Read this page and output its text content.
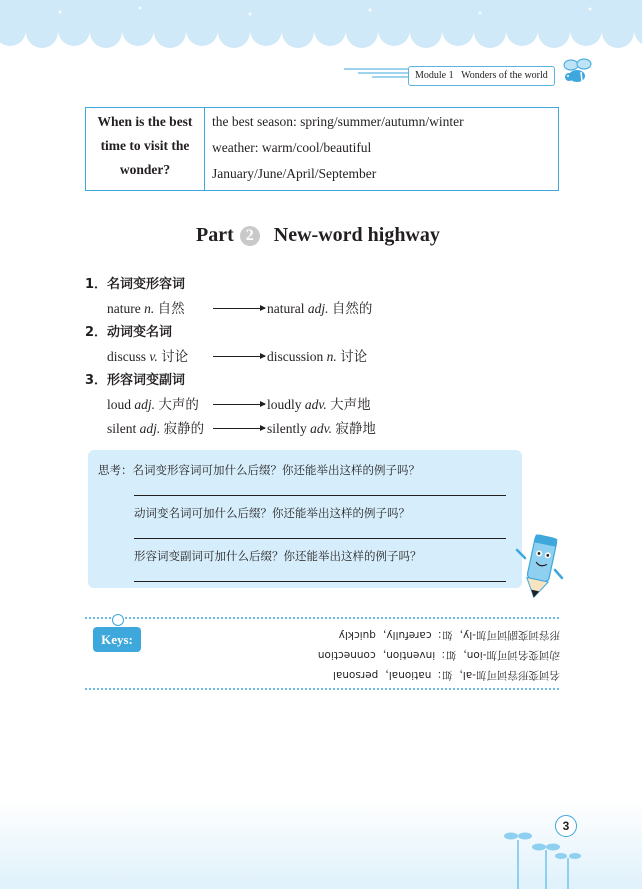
Module 1 Wonders of the world
When is the best time to visit the wonder?	the best season: spring/summer/autumn/winter
weather: warm/cool/beautiful
January/June/April/September
Part 2	New-word highway
1．名词变形容词
nature n. 自然	natural adj. 自然的
2．动词变名词
discuss v. 讨论	discussion n. 讨论
3．形容词变副词
loud adj. 大声的	loudly adv. 大声地
silent adj. 寂静的	silently adv. 寂静地
思考：名词变形容词可加什么后缀？你还能举出这样的例子吗？
动词变名词可加什么后缀？你还能举出这样的例子吗？
形容词变副词可加什么后缀？你还能举出这样的例子吗？
Keys:
名词变形容词可加-al，如：national，personal
动词变名词可加-ion，如：invention，connection
形容词变副词可加-ly，如：carefully，quickly
3
